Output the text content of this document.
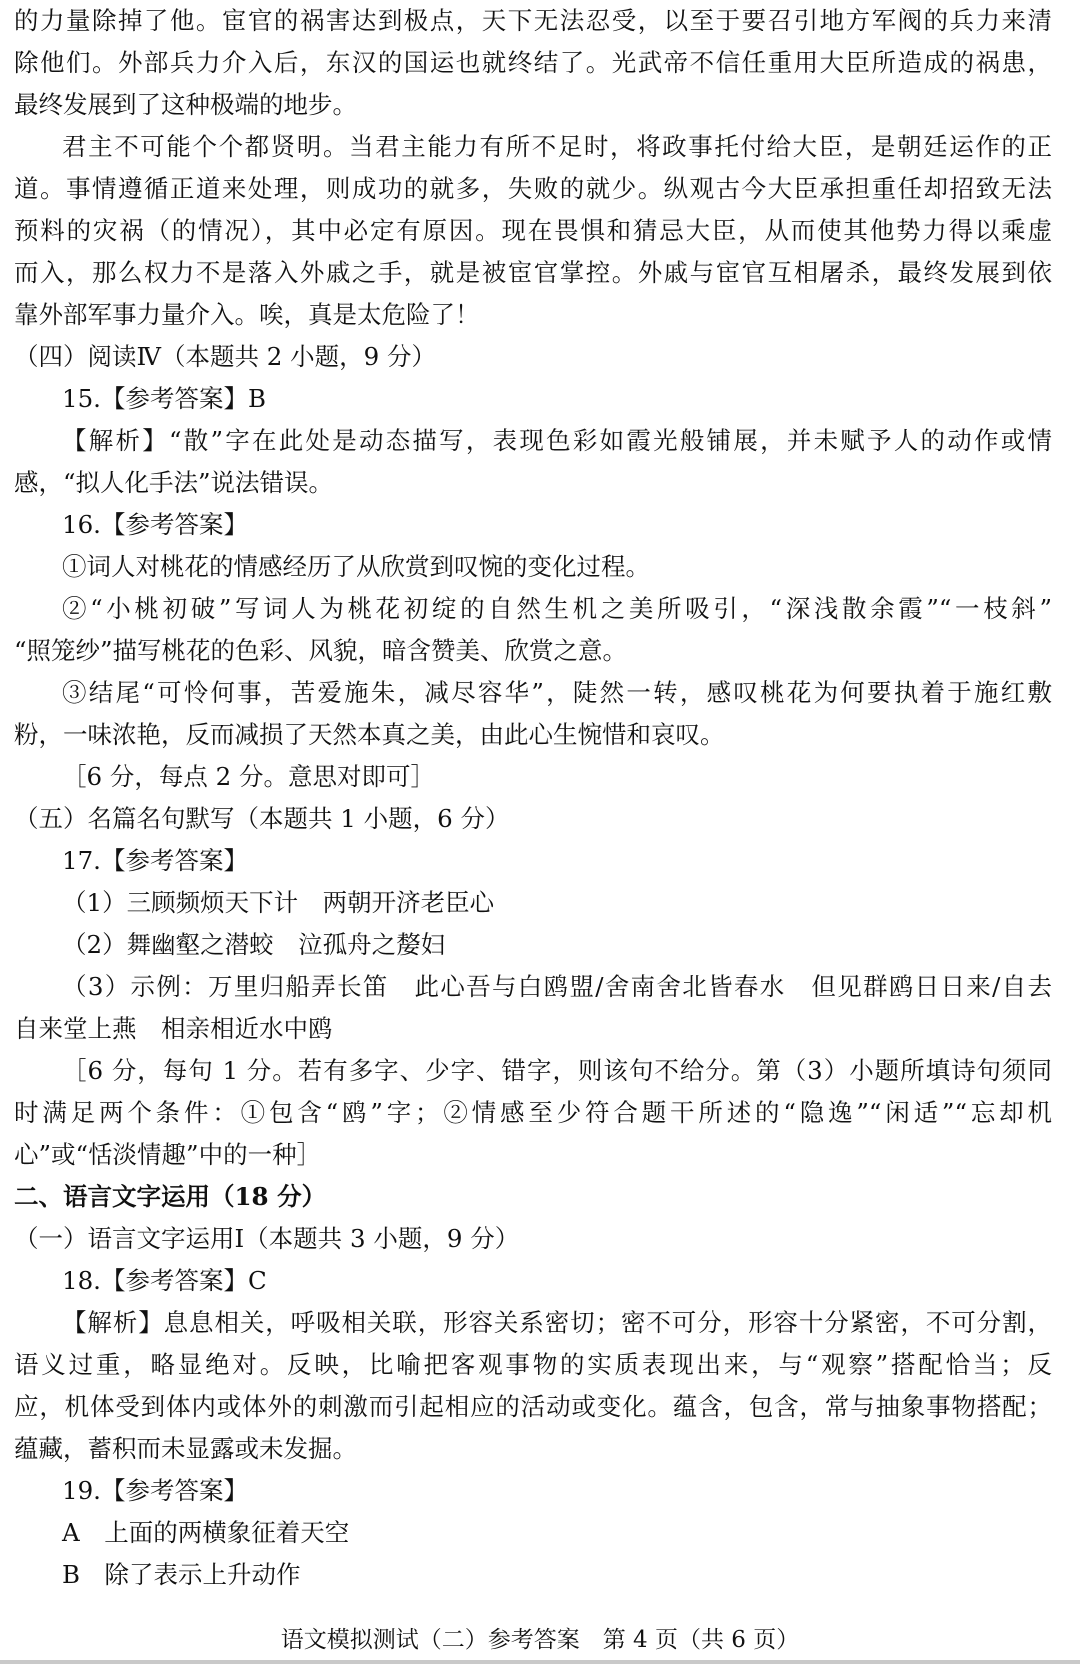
的力量除掉了他。宦官的祸害达到极点，天下无法忍受，以至于要召引地方军阀的兵力来清
除他们。外部兵力介入后，东汉的国运也就终结了。光武帝不信任重用大臣所造成的祸患，
最终发展到了这种极端的地步。
君主不可能个个都贤明。当君主能力有所不足时，将政事托付给大臣，是朝廷运作的正
道。事情遵循正道来处理，则成功的就多，失败的就少。纵观古今大臣承担重任却招致无法
预料的灾祸（的情况），其中必定有原因。现在畏惧和猜忌大臣，从而使其他势力得以乘虚
而入，那么权力不是落入外戚之手，就是被宦官掌控。外戚与宦官互相屠杀，最终发展到依
靠外部军事力量介入。唉，真是太危险了！
（四）阅读Ⅳ（本题共 2 小题，9 分）
15.【参考答案】B
【解析】“散”字在此处是动态描写，表现色彩如霞光般铺展，并未赋予人的动作或情
感，“拟人化手法”说法错误。
16.【参考答案】
①词人对桃花的情感经历了从欣赏到叹惋的变化过程。
②“小桃初破”写词人为桃花初绽的自然生机之美所吸引，“深浅散余霞”“一枝斜”
“照笼纱”描写桃花的色彩、风貌，暗含赞美、欣赏之意。
③结尾“可怜何事，苦爱施朱，减尽容华”，陡然一转，感叹桃花为何要执着于施红敷
粉，一味浓艳，反而减损了天然本真之美，由此心生惋惜和哀叹。
［6 分，每点 2 分。意思对即可］
（五）名篇名句默写（本题共 1 小题，6 分）
17.【参考答案】
（1）三顾频烦天下计　两朝开济老臣心
（2）舞幽壑之潜蛟　泣孤舟之嫠妇
（3）示例：万里归船弄长笛　此心吾与白鸥盟/舍南舍北皆春水　但见群鸥日日来/自去
自来堂上燕　相亲相近水中鸥
［6 分，每句 1 分。若有多字、少字、错字，则该句不给分。第（3）小题所填诗句须同
时满足两个条件：①包含“鸥”字；②情感至少符合题干所述的“隐逸”“闲适”“忘却机
心”或“恬淡情趣”中的一种］
二、语言文字运用（18 分）
（一）语言文字运用Ⅰ（本题共 3 小题，9 分）
18.【参考答案】C
【解析】息息相关，呼吸相关联，形容关系密切；密不可分，形容十分紧密，不可分割，
语义过重，略显绝对。反映，比喻把客观事物的实质表现出来，与“观察”搭配恰当；反
应，机体受到体内或体外的刺激而引起相应的活动或变化。蕴含，包含，常与抽象事物搭配；
蕴藏，蓄积而未显露或未发掘。
19.【参考答案】
A　上面的两横象征着天空
B　除了表示上升动作
语文模拟测试（二）参考答案　第 4 页（共 6 页）
